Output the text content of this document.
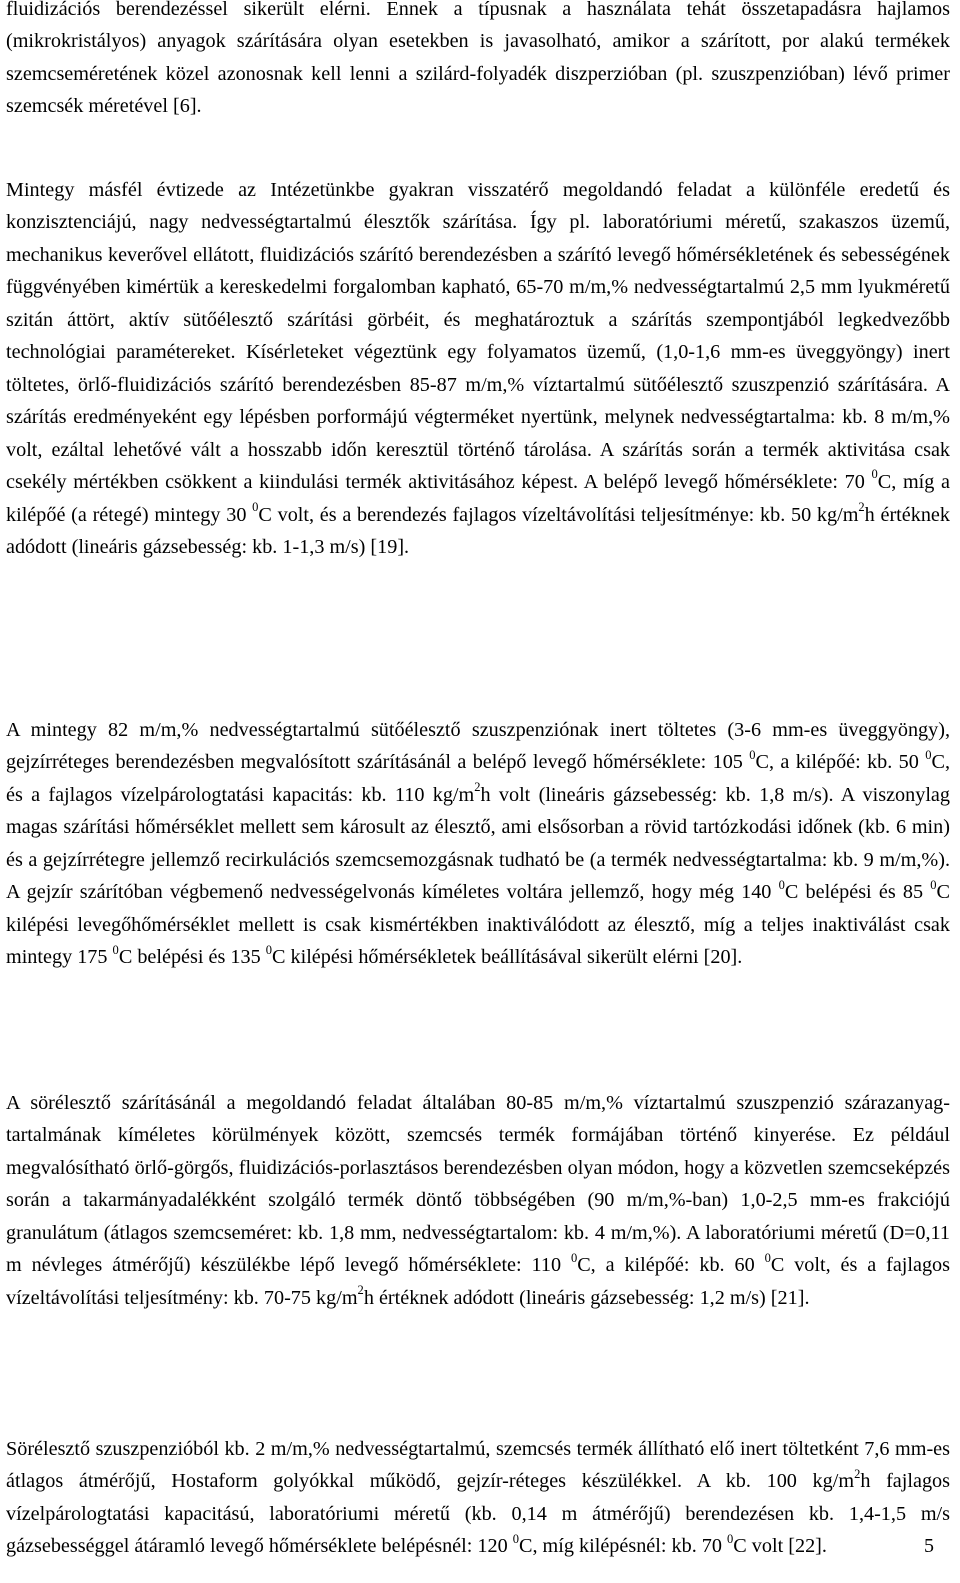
fluidizációs berendezéssel sikerült elérni. Ennek a típusnak a használata tehát összetapadásra hajlamos (mikrokristályos) anyagok szárítására olyan esetekben is javasolható, amikor a szárított, por alakú termékek szemcseméretének közel azonosnak kell lenni a szilárd-folyadék diszperzióban (pl. szuszpenzióban) lévő primer szemcsék méretével [6].

Mintegy másfél évtizede az Intézetünkbe gyakran visszatérő megoldandó feladat a különféle eredetű és konzisztenciájú, nagy nedvességtartalmú élesztők szárítása. Így pl. laboratóriumi méretű, szakaszos üzemű, mechanikus keverővel ellátott, fluidizációs szárító berendezésben a szárító levegő hőmérsékletének és sebességének függvényében kimértük a kereskedelmi forgalomban kapható, 65-70 m/m,% nedvességtartalmú 2,5 mm lyukméretű szitán áttört, aktív sütőélesztő szárítási görbéit, és meghatároztuk a szárítás szempontjából legkedvezőbb technológiai paramétereket. Kísérleteket végeztünk egy folyamatos üzemű, (1,0-1,6 mm-es üveggyöngy) inert töltetes, örlő-fluidizációs szárító berendezésben 85-87 m/m,% víztartalmú sütőélesztő szuszpenzió szárítására. A szárítás eredményeként egy lépésben porformájú végterméket nyertünk, melynek nedvességtartalma: kb. 8 m/m,% volt, ezáltal lehetővé vált a hosszabb időn keresztül történő tárolása. A szárítás során a termék aktivitása csak csekély mértékben csökkent a kiindulási termék aktivitásához képest. A belépő levegő hőmérséklete: 70 $^0$C, míg a kilépőé (a rétegé) mintegy 30 $^0$C volt, és a berendezés fajlagos vízeltávolítási teljesítménye: kb. 50 $kg/m^2h$ értéknek adódott (lineáris gázsebesség: kb. 1-1,3 m/s) [19].

A mintegy 82 m/m,% nedvességtartalmú sütőélesztő szuszpenziónak inert töltetes (3-6 mm-es üveggyöngy), gejzírréteges berendezésben megvalósított szárításánál a belépő levegő hőmérséklete: 105 $^0$C, a kilépőé: kb. 50 $^0$C, és a fajlagos vízelpárologtatási kapacitás: kb. 110 $kg/m^2h$ volt (lineáris gázsebesség: kb. 1,8 m/s). A viszonylag magas szárítási hőmérséklet mellett sem károsult az élesztő, ami elsősorban a rövid tartózkodási időnek (kb. 6 min) és a gejzírrétegre jellemző recirkulációs szemcsemozgásnak tudható be (a termék nedvességtartalma: kb. 9 m/m,%). A gejzír szárítóban végbemenő nedvességelvonás kíméletes voltára jellemző, hogy még 140 $^0$C belépési és 85 $^0$C kilépési levegőhőmérséklet mellett is csak kismértékben inaktiválódott az élesztő, míg a teljes inaktiválást csak mintegy 175 $^0$C belépési és 135 $^0$C kilépési hőmérsékletek beállításával sikerült elérni [20].

A sörélesztő szárításánál a megoldandó feladat általában 80-85 m/m,% víztartalmú szuszpenzió szárazanyag-tartalmának kíméletes körülmények között, szemcsés termék formájában történő kinyerése. Ez például megvalósítható örlő-görgős, fluidizációs-porlasztásos berendezésben olyan módon, hogy a közvetlen szemcseképzés során a takarmányadalékként szolgáló termék döntő többségében (90 m/m,%-ban) 1,0-2,5 mm-es frakciójú granulátum (átlagos szemcseméret: kb. 1,8 mm, nedvességtartalom: kb. 4 m/m,%). A laboratóriumi méretű (D=0,11 m névleges átmérőjű) készülékbe lépő levegő hőmérséklete: 110 $^0$C, a kilépőé: kb. 60 $^0$C volt, és a fajlagos vízeltávolítási teljesítmény: kb. 70-75 $kg/m^2h$ értéknek adódott (lineáris gázsebesség: 1,2 m/s) [21].

Sörélesztő szuszpenzióból kb. 2 m/m,% nedvességtartalmú, szemcsés termék állítható elő inert töltetként 7,6 mm-es átlagos átmérőjű, Hostaform golyókkal működő, gejzír-réteges készülékkel. A kb. 100 $kg/m^2h$ fajlagos vízelpárologtatási kapacitású, laboratóriumi méretű (kb. 0,14 m átmérőjű) berendezésen kb. 1,4-1,5 m/s gázsebességgel átáramló levegő hőmérséklete belépésnél: 120 $^0$C, míg kilépésnél: kb. 70 $^0$C volt [22].	5
